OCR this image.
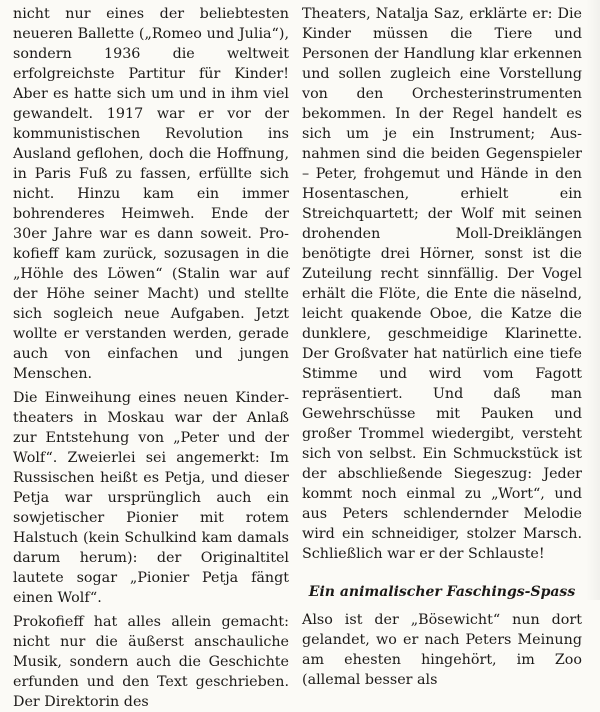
nicht nur eines der beliebtesten neueren Ballette („Romeo und Julia“), sondern 1936 die weltweit erfolgreichste Partitur für Kinder! Aber es hatte sich um und in ihm viel gewandelt. 1917 war er vor der kommunistischen Revolution ins Ausland geflohen, doch die Hoffnung, in Paris Fuß zu fassen, erfüllte sich nicht. Hinzu kam ein immer bohrenderes Heimweh. Ende der 30er Jahre war es dann soweit. Prokofieff kam zurück, sozusagen in die „Höhle des Löwen“ (Stalin war auf der Höhe seiner Macht) und stellte sich sogleich neue Aufgaben. Jetzt wollte er verstanden werden, gerade auch von einfachen und jungen Menschen.

Die Einweihung eines neuen Kindertheaters in Moskau war der Anlaß zur Entstehung von „Peter und der Wolf“. Zweierlei sei angemerkt: Im Russischen heißt es Petja, und dieser Petja war ursprünglich auch ein sowjetischer Pionier mit rotem Halstuch (kein Schulkind kam damals darum herum): der Originaltitel lautete sogar „Pionier Petja fängt einen Wolf“.

Prokofieff hat alles allein gemacht: nicht nur die äußerst anschauliche Musik, sondern auch die Geschichte erfunden und den Text geschrieben. Der Direktorin des

Theaters, Natalja Saz, erklärte er: Die Kinder müssen die Tiere und Personen der Handlung klar erkennen und sollen zugleich eine Vorstellung von den Orchesterinstrumenten bekommen. In der Regel handelt es sich um je ein Instrument; Ausnahmen sind die beiden Gegenspieler – Peter, frohgemut und Hände in den Hosentaschen, erhielt ein Streichquartett; der Wolf mit seinen drohenden Moll-Dreiklängen benötigte drei Hörner, sonst ist die Zuteilung recht sinnfällig. Der Vogel erhält die Flöte, die Ente die näselnd, leicht quakende Oboe, die Katze die dunklere, geschmeidige Klarinette. Der Großvater hat natürlich eine tiefe Stimme und wird vom Fagott repräsentiert. Und daß man Gewehrschüsse mit Pauken und großer Trommel wiedergibt, versteht sich von selbst. Ein Schmuckstück ist der abschließende Siegeszug: Jeder kommt noch einmal zu „Wort“, und aus Peters schlendernder Melodie wird ein schneidiger, stolzer Marsch. Schließlich war er der Schlauste!

Ein animalischer Faschings-Spass

Also ist der „Bösewicht“ nun dort gelandet, wo er nach Peters Meinung am ehesten hingehört, im Zoo (allemal besser als
